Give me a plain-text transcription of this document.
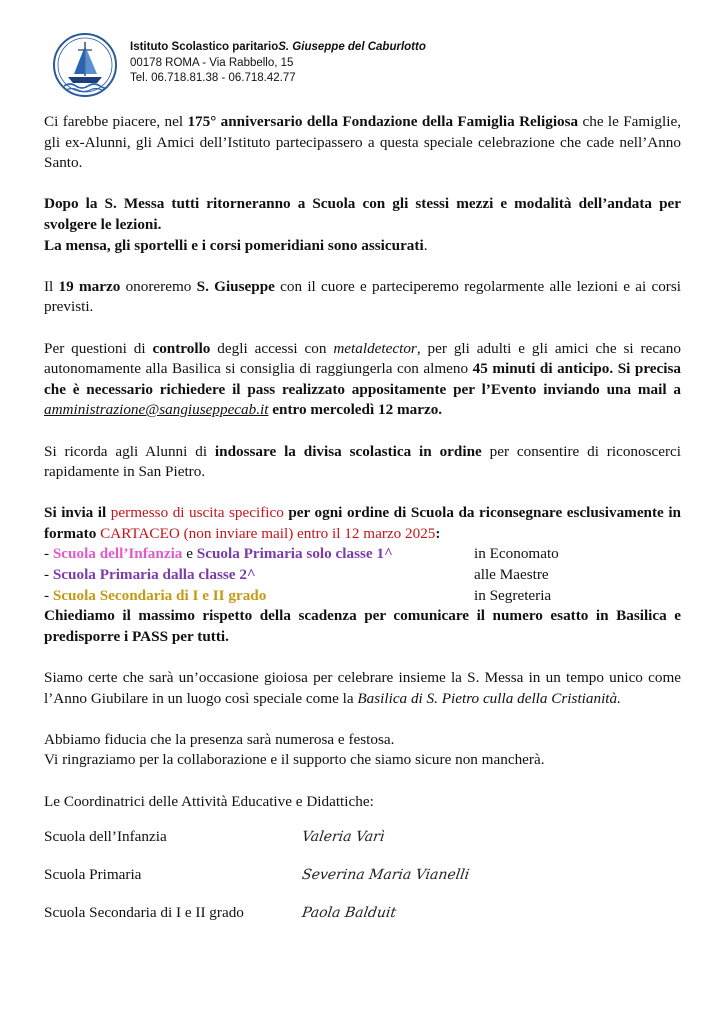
Istituto Scolastico paritarioS. Giuseppe del Caburlotto
00178 ROMA - Via Rabbello, 15
Tel. 06.718.81.38 - 06.718.42.77

Ci farebbe piacere, nel 175° anniversario della Fondazione della Famiglia Religiosa che le Famiglie, gli ex-Alunni, gli Amici dell’Istituto partecipassero a questa speciale celebrazione che cade nell’Anno Santo.

Dopo la S. Messa tutti ritorneranno a Scuola con gli stessi mezzi e modalità dell’andata per svolgere le lezioni.

La mensa, gli sportelli e i corsi pomeridiani sono assicurati.

Il 19 marzo onoreremo S. Giuseppe con il cuore e parteciperemo regolarmente alle lezioni e ai corsi previsti.

Per questioni di controllo degli accessi con metaldetector, per gli adulti e gli amici che si recano autonomamente alla Basilica si consiglia di raggiungerla con almeno 45 minuti di anticipo. Si precisa che è necessario richiedere il pass realizzato appositamente per l’Evento inviando una mail a amministrazione@sangiuseppecab.it entro mercoledì 12 marzo.

Si ricorda agli Alunni di indossare la divisa scolastica in ordine per consentire di riconoscerci rapidamente in San Pietro.

Si invia il permesso di uscita specifico per ogni ordine di Scuola da riconsegnare esclusivamente in formato CARTACEO (non inviare mail) entro il 12 marzo 2025:

- Scuola dell’Infanzia e Scuola Primaria solo classe 1^	in Economato
- Scuola Primaria dalla classe 2^	alle Maestre
- Scuola Secondaria di I e II grado	in Segreteria

Chiediamo il massimo rispetto della scadenza per comunicare il numero esatto in Basilica e predisporre i PASS per tutti.

Siamo certe che sarà un’occasione gioiosa per celebrare insieme la S. Messa in un tempo unico come l’Anno Giubilare in un luogo così speciale come la Basilica di S. Pietro culla della Cristianità.

Abbiamo fiducia che la presenza sarà numerosa e festosa.

Vi ringraziamo per la collaborazione e il supporto che siamo sicure non mancherà.

Le Coordinatrici delle Attività Educative e Didattiche:

Scuola dell’Infanzia	Valeria Varì
Scuola Primaria	Severina Maria Vianelli
Scuola Secondaria di I e II grado	Paola Balduit
